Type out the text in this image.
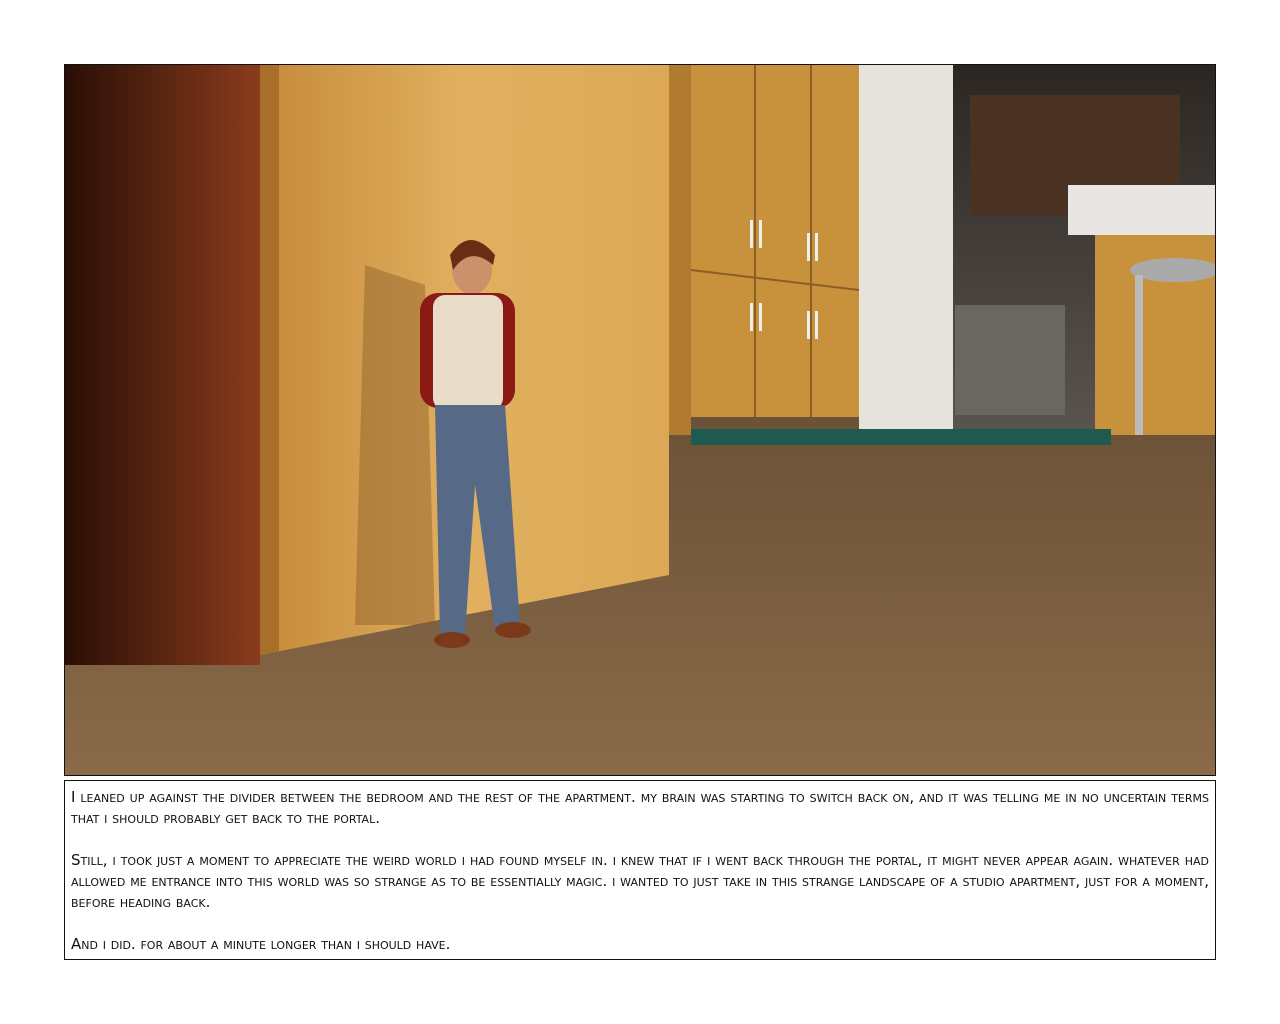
I leaned up against the divider between the bedroom and the rest of the apartment. my brain was starting to switch back on, and it was telling me in no uncertain terms that i should probably get back to the portal.

Still, i took just a moment to appreciate the weird world i had found myself in. i knew that if i went back through the portal, it might never appear again. whatever had allowed me entrance into this world was so strange as to be essentially magic. i wanted to just take in this strange landscape of a studio apartment, just for a moment, before heading back.

And i did. for about a minute longer than i should have.
